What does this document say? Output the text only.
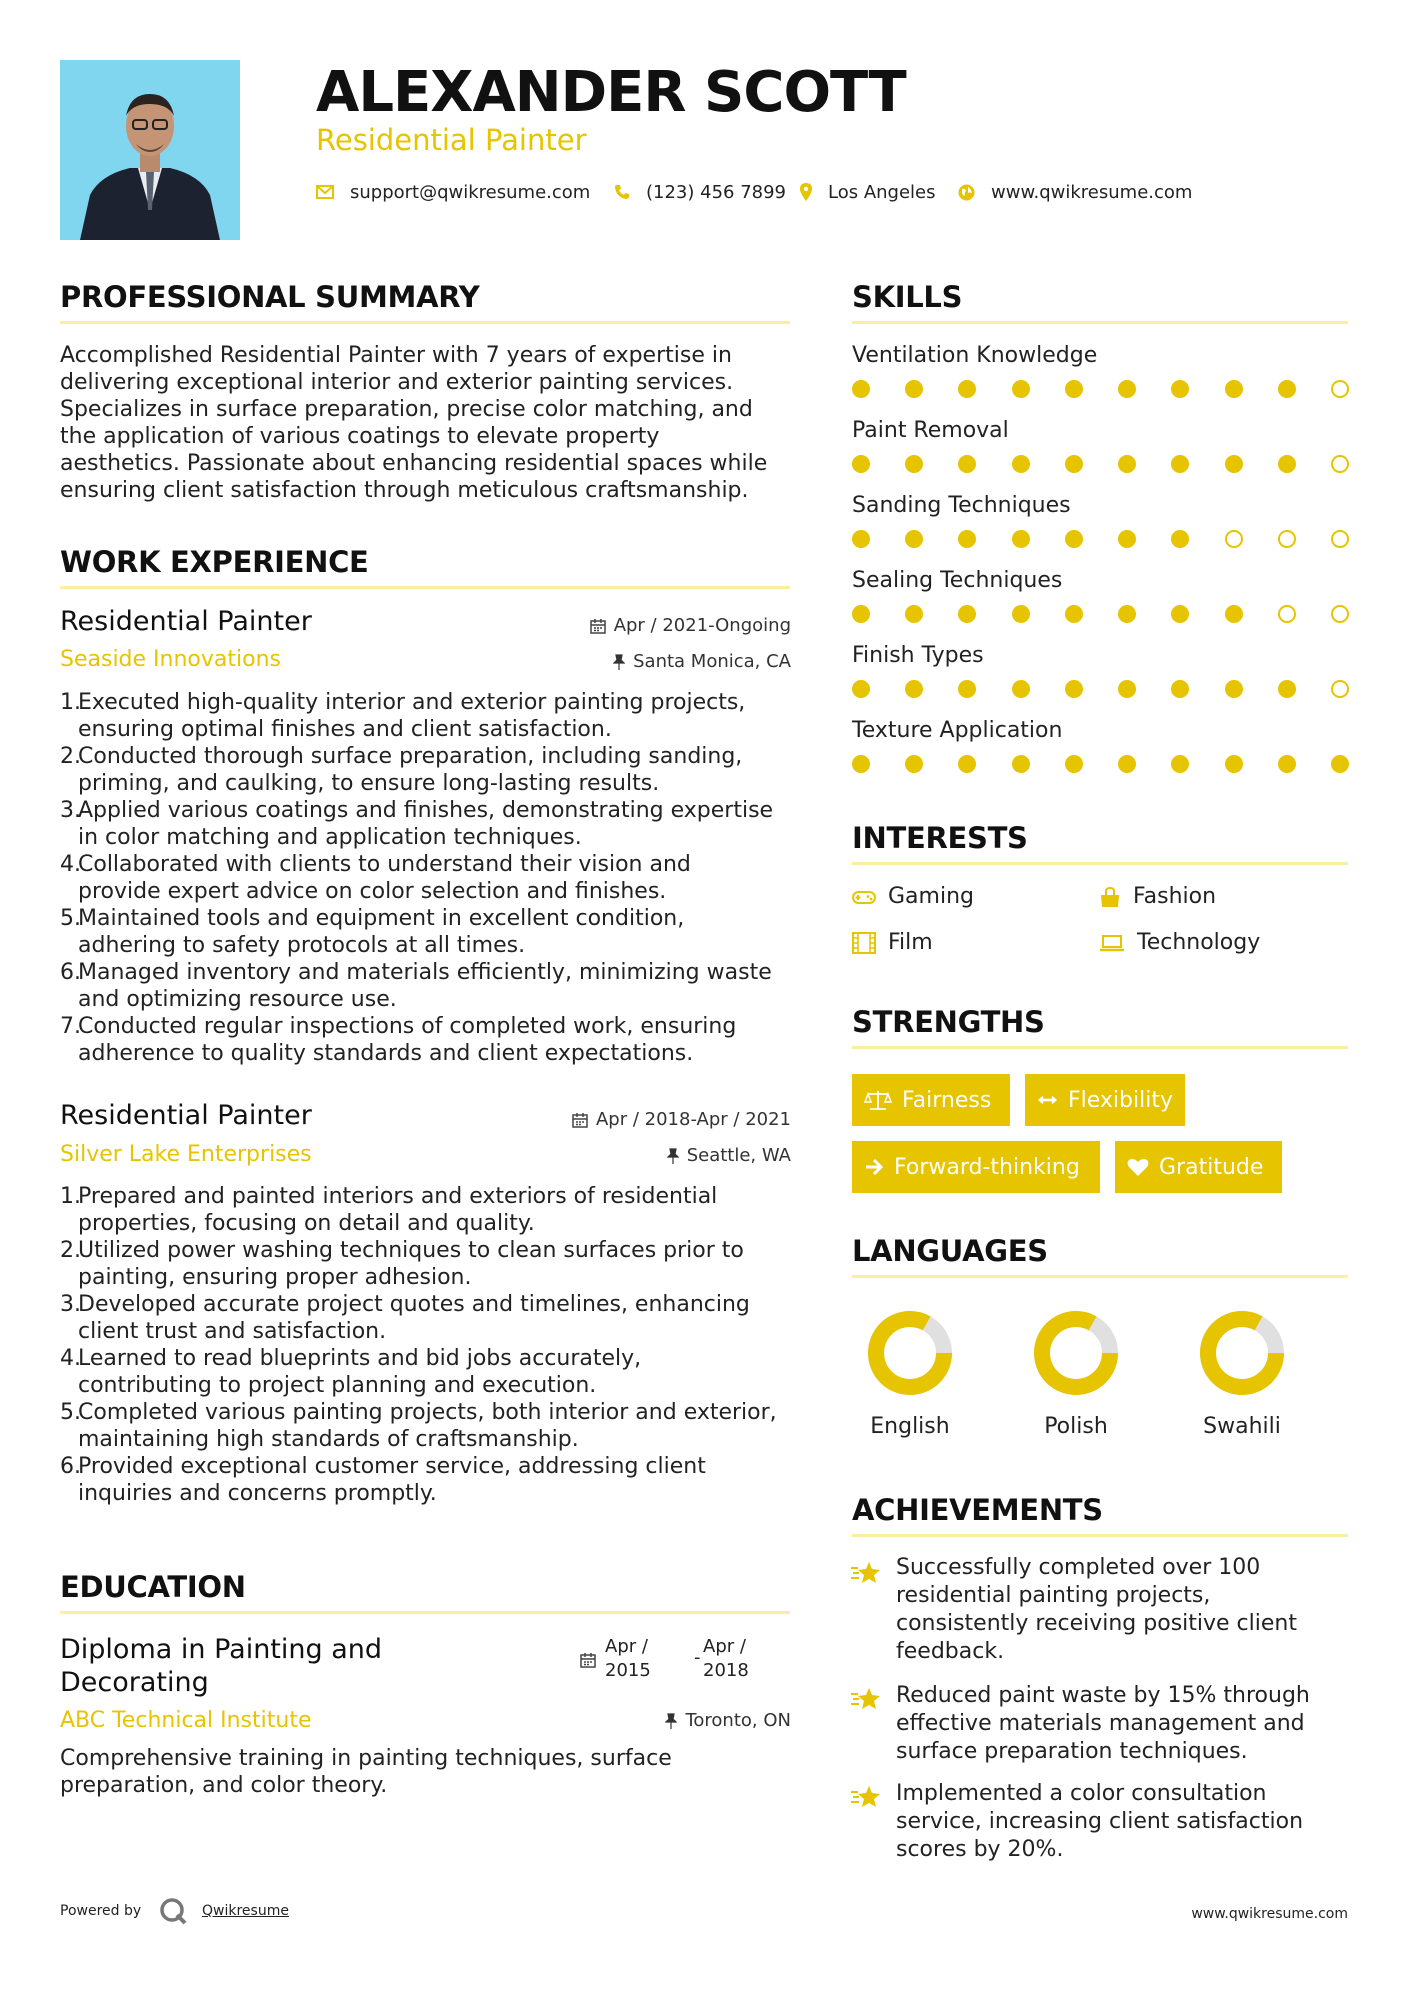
ALEXANDER SCOTT
Residential Painter
support@qwikresume.com	(123) 456 7899 Los Angeles	www.qwikresume.com
PROFESSIONAL SUMMARY
Accomplished Residential Painter with 7 years of expertise in
delivering exceptional interior and exterior painting services.
Specializes in surface preparation, precise color matching, and
the application of various coatings to elevate property
aesthetics. Passionate about enhancing residential spaces while
ensuring client satisfaction through meticulous craftsmanship.
WORK EXPERIENCE
Residential Painter	Apr / 2021-Ongoing
Seaside Innovations	Santa Monica, CA
1.
Executed high-quality interior and exterior painting projects,
ensuring optimal finishes and client satisfaction.
2.
Conducted thorough surface preparation, including sanding,
priming, and caulking, to ensure long-lasting results.
3.
Applied various coatings and finishes, demonstrating expertise
in color matching and application techniques.
4.
Collaborated with clients to understand their vision and
provide expert advice on color selection and finishes.
5.
Maintained tools and equipment in excellent condition,
adhering to safety protocols at all times.
6.
Managed inventory and materials efficiently, minimizing waste
and optimizing resource use.
7.
Conducted regular inspections of completed work, ensuring
adherence to quality standards and client expectations.
Residential Painter	Apr / 2018-Apr / 2021
Silver Lake Enterprises	Seattle, WA
1.
Prepared and painted interiors and exteriors of residential
properties, focusing on detail and quality.
2.
Utilized power washing techniques to clean surfaces prior to
painting, ensuring proper adhesion.
3.
Developed accurate project quotes and timelines, enhancing
client trust and satisfaction.
4.
Learned to read blueprints and bid jobs accurately,
contributing to project planning and execution.
5.
Completed various painting projects, both interior and exterior,
maintaining high standards of craftsmanship.
6.
Provided exceptional customer service, addressing client
inquiries and concerns promptly.
EDUCATION
Diploma in Painting and
Decorating
Apr /
2015
-
Apr /
2018
ABC Technical Institute	Toronto, ON
Comprehensive training in painting techniques, surface
preparation, and color theory.
SKILLS
Ventilation Knowledge
Paint Removal
Sanding Techniques
Sealing Techniques
Finish Types
Texture Application
INTERESTS
Gaming	Fashion
Film	Technology
STRENGTHS
Fairness	Flexibility
Forward-thinking	Gratitude
LANGUAGES
English	Polish	Swahili
ACHIEVEMENTS
Successfully completed over 100
residential painting projects,
consistently receiving positive client
feedback.
Reduced paint waste by 15% through
effective materials management and
surface preparation techniques.
Implemented a color consultation
service, increasing client satisfaction
scores by 20%.
Powered by	Qwikresume	www.qwikresume.com
